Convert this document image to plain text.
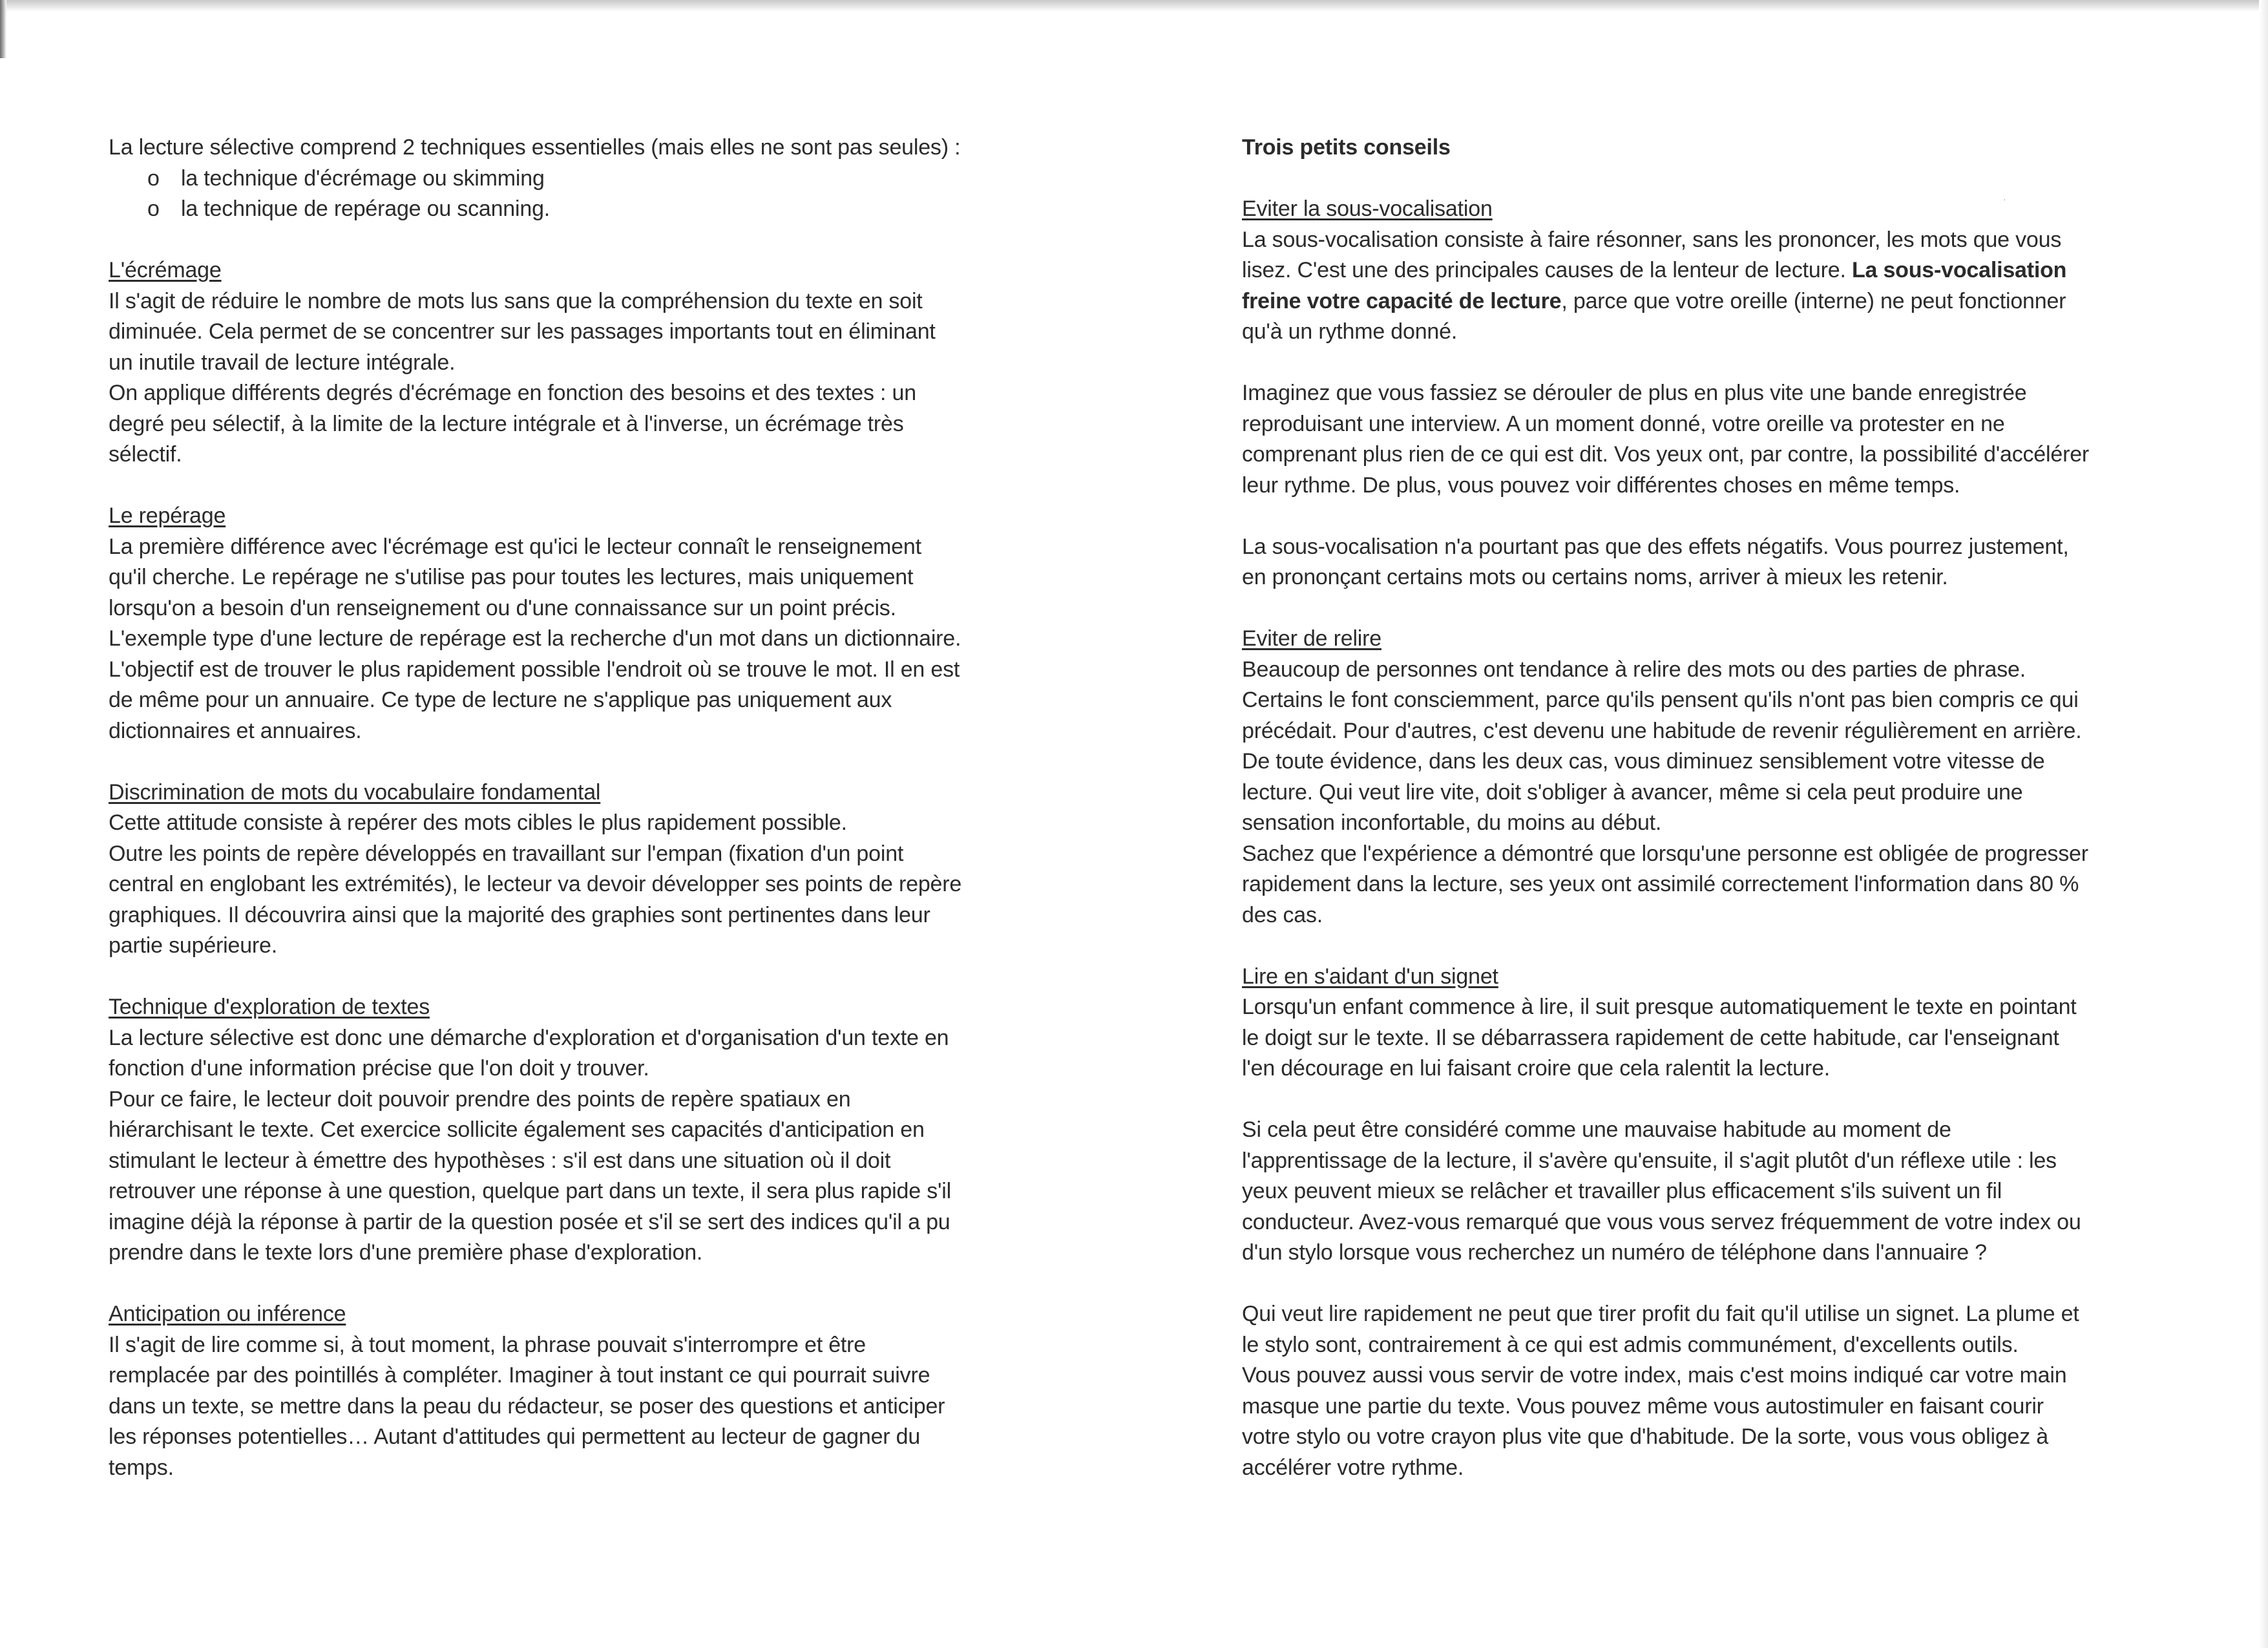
·
La lecture sélective comprend 2 techniques essentielles (mais elles ne sont pas seules) :
o la technique d'écrémage ou skimming
o la technique de repérage ou scanning.
L'écrémage
Il s'agit de réduire le nombre de mots lus sans que la compréhension du texte en soit
diminuée. Cela permet de se concentrer sur les passages importants tout en éliminant
un inutile travail de lecture intégrale.
On applique différents degrés d'écrémage en fonction des besoins et des textes : un
degré peu sélectif, à la limite de la lecture intégrale et à l'inverse, un écrémage très
sélectif.
Le repérage
La première différence avec l'écrémage est qu'ici le lecteur connaît le renseignement
qu'il cherche. Le repérage ne s'utilise pas pour toutes les lectures, mais uniquement
lorsqu'on a besoin d'un renseignement ou d'une connaissance sur un point précis.
L'exemple type d'une lecture de repérage est la recherche d'un mot dans un dictionnaire.
L'objectif est de trouver le plus rapidement possible l'endroit où se trouve le mot. Il en est
de même pour un annuaire. Ce type de lecture ne s'applique pas uniquement aux
dictionnaires et annuaires.
Discrimination de mots du vocabulaire fondamental
Cette attitude consiste à repérer des mots cibles le plus rapidement possible.
Outre les points de repère développés en travaillant sur l'empan (fixation d'un point
central en englobant les extrémités), le lecteur va devoir développer ses points de repère
graphiques. Il découvrira ainsi que la majorité des graphies sont pertinentes dans leur
partie supérieure.
Technique d'exploration de textes
La lecture sélective est donc une démarche d'exploration et d'organisation d'un texte en
fonction d'une information précise que l'on doit y trouver.
Pour ce faire, le lecteur doit pouvoir prendre des points de repère spatiaux en
hiérarchisant le texte. Cet exercice sollicite également ses capacités d'anticipation en
stimulant le lecteur à émettre des hypothèses : s'il est dans une situation où il doit
retrouver une réponse à une question, quelque part dans un texte, il sera plus rapide s'il
imagine déjà la réponse à partir de la question posée et s'il se sert des indices qu'il a pu
prendre dans le texte lors d'une première phase d'exploration.
Anticipation ou inférence
Il s'agit de lire comme si, à tout moment, la phrase pouvait s'interrompre et être
remplacée par des pointillés à compléter. Imaginer à tout instant ce qui pourrait suivre
dans un texte, se mettre dans la peau du rédacteur, se poser des questions et anticiper
les réponses potentielles… Autant d'attitudes qui permettent au lecteur de gagner du
temps.
Trois petits conseils
Eviter la sous-vocalisation
La sous-vocalisation consiste à faire résonner, sans les prononcer, les mots que vous
lisez. C'est une des principales causes de la lenteur de lecture. La sous-vocalisation
freine votre capacité de lecture, parce que votre oreille (interne) ne peut fonctionner
qu'à un rythme donné.
Imaginez que vous fassiez se dérouler de plus en plus vite une bande enregistrée
reproduisant une interview. A un moment donné, votre oreille va protester en ne
comprenant plus rien de ce qui est dit. Vos yeux ont, par contre, la possibilité d'accélérer
leur rythme. De plus, vous pouvez voir différentes choses en même temps.
La sous-vocalisation n'a pourtant pas que des effets négatifs. Vous pourrez justement,
en prononçant certains mots ou certains noms, arriver à mieux les retenir.
Eviter de relire
Beaucoup de personnes ont tendance à relire des mots ou des parties de phrase.
Certains le font consciemment, parce qu'ils pensent qu'ils n'ont pas bien compris ce qui
précédait. Pour d'autres, c'est devenu une habitude de revenir régulièrement en arrière.
De toute évidence, dans les deux cas, vous diminuez sensiblement votre vitesse de
lecture. Qui veut lire vite, doit s'obliger à avancer, même si cela peut produire une
sensation inconfortable, du moins au début.
Sachez que l'expérience a démontré que lorsqu'une personne est obligée de progresser
rapidement dans la lecture, ses yeux ont assimilé correctement l'information dans 80 %
des cas.
Lire en s'aidant d'un signet
Lorsqu'un enfant commence à lire, il suit presque automatiquement le texte en pointant
le doigt sur le texte. Il se débarrassera rapidement de cette habitude, car l'enseignant
l'en décourage en lui faisant croire que cela ralentit la lecture.
Si cela peut être considéré comme une mauvaise habitude au moment de
l'apprentissage de la lecture, il s'avère qu'ensuite, il s'agit plutôt d'un réflexe utile : les
yeux peuvent mieux se relâcher et travailler plus efficacement s'ils suivent un fil
conducteur. Avez-vous remarqué que vous vous servez fréquemment de votre index ou
d'un stylo lorsque vous recherchez un numéro de téléphone dans l'annuaire ?
Qui veut lire rapidement ne peut que tirer profit du fait qu'il utilise un signet. La plume et
le stylo sont, contrairement à ce qui est admis communément, d'excellents outils.
Vous pouvez aussi vous servir de votre index, mais c'est moins indiqué car votre main
masque une partie du texte. Vous pouvez même vous autostimuler en faisant courir
votre stylo ou votre crayon plus vite que d'habitude. De la sorte, vous vous obligez à
accélérer votre rythme.
